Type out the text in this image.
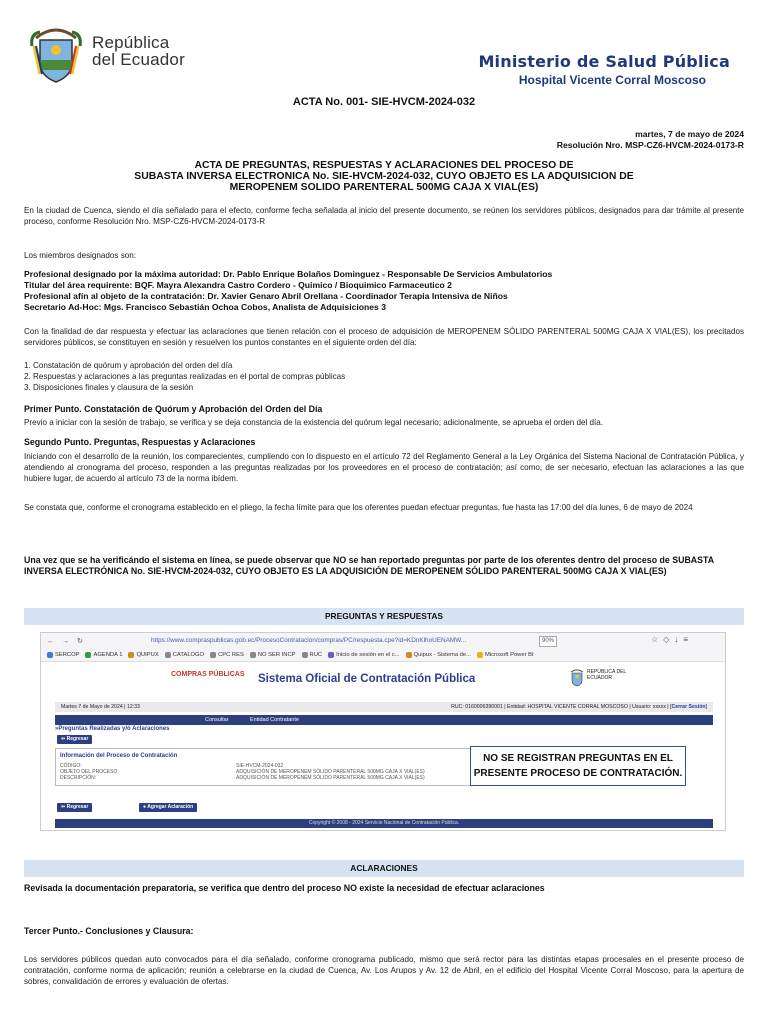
República
del Ecuador	Ministerio de Salud Pública
Hospital Vicente Corral Moscoso
ACTA No. 001- SIE-HVCM-2024-032
martes, 7 de mayo de 2024
Resolución Nro. MSP-CZ6-HVCM-2024-0173-R
ACTA DE PREGUNTAS, RESPUESTAS Y ACLARACIONES DEL PROCESO DE
SUBASTA INVERSA ELECTRONICA No. SIE-HVCM-2024-032, CUYO OBJETO ES LA ADQUISICION DE
MEROPENEM SOLIDO PARENTERAL 500MG CAJA X VIAL(ES)
En la ciudad de Cuenca, siendo el día señalado para el efecto, conforme fecha señalada al inicio del presente documento, se reúnen los servidores públicos, designados para dar trámite al presente proceso, conforme Resolución Nro. MSP-CZ6-HVCM-2024-0173-R
Los miembros designados son:
Profesional designado por la máxima autoridad: Dr. Pablo Enrique Bolaños Dominguez - Responsable De Servicios Ambulatorios
Titular del área requirente: BQF. Mayra Alexandra Castro Cordero - Quimico / Bioquimico Farmaceutico 2
Profesional afín al objeto de la contratación: Dr. Xavier Genaro Abril Orellana - Coordinador Terapia Intensiva de Niños
Secretario Ad-Hoc: Mgs. Francisco Sebastián Ochoa Cobos, Analista de Adquisiciones 3
Con la finalidad de dar respuesta y efectuar las aclaraciones que tienen relación con el proceso de adquisición de MEROPENEM SÓLIDO PARENTERAL 500MG CAJA X VIAL(ES), los precitados servidores públicos, se constituyen en sesión y resuelven los puntos constantes en el siguiente orden del día:
1. Constatación de quórum y aprobación del orden del día
2. Respuestas y aclaraciones a las preguntas realizadas en el portal de compras públicas
3. Disposiciones finales y clausura de la sesión
Primer Punto. Constatación de Quórum y Aprobación del Orden del Día
Previo a iniciar con la sesión de trabajo, se verifica y se deja constancia de la existencia del quórum legal necesario; adicionalmente, se aprueba el orden del día.
Segundo Punto. Preguntas, Respuestas y Aclaraciones
Iniciando con el desarrollo de la reunión, los comparecientes, cumpliendo con lo dispuesto en el artículo 72 del Reglamento General a la Ley Orgánica del Sistema Nacional de Contratación Pública, y atendiendo al cronograma del proceso, responden a las preguntas realizadas por los proveedores en el proceso de contratación; así como, de ser necesario, efectuan las aclaraciones a las que hubiere lugar, de acuerdo al artículo 73 de la norma ibídem.
Se constata que, conforme el cronograma establecido en el pliego, la fecha límite para que los oferentes puedan efectuar preguntas, fue hasta las 17:00 del día lunes, 6 de mayo de 2024
Una vez que se ha verificándo el sistema en línea, se puede observar que NO se han reportado preguntas por parte de los oferentes dentro del proceso de SUBASTA INVERSA ELECTRÓNICA No. SIE-HVCM-2024-032, CUYO OBJETO ES LA ADQUISICIÓN DE MEROPENEM SÓLIDO PARENTERAL 500MG CAJA X VIAL(ES)
PREGUNTAS Y RESPUESTAS
← → ↻	https://www.compraspublicas.gob.ec/ProcesoContratacion/compras/PC/respuesta.cpe?id=KDnKlhoUENAMW...	90%	☆◇↓≡
SERCOP AGENDA 1 QUIPUX CATALOGO CPC RES NO SER INCP RUC Inicio de sesión en el c... Quipux - Sistema de... Microsoft Power BI
COMPRAS PÚBLICAS Sistema Oficial de Contratación Pública
REPÚBLICA DEL ECUADOR
Martes 7 de Mayo de 2024 | 12:33	RUC: 0160006390001 | Entidad: HOSPITAL VICENTE CORRAL MOSCOSO | Usuario: xxxxx | [Cerrar Sesión]
Consultar	Entidad Contratante
»Preguntas Realizadas y/ó Aclaraciones
⇦ Regresar
Información del Proceso de Contratación
CÓDIGO:	SIE-HVCM-2024-032
OBJETO DEL PROCESO:	ADQUISICIÓN DE MEROPENEM SÓLIDO PARENTERAL 500MG CAJA X VIAL(ES)
DESCRIPCIÓN:	ADQUISICIÓN DE MEROPENEM SÓLIDO PARENTERAL 500MG CAJA X VIAL(ES)
⇦ Regresar	● Agregar Aclaración
Copyright © 2008 - 2024 Servicio Nacional de Contratación Pública.
NO SE REGISTRAN PREGUNTAS EN EL
PRESENTE PROCESO DE CONTRATACIÓN.
ACLARACIONES
Revisada la documentación preparatoria, se verifica que dentro del proceso NO existe la necesidad de efectuar aclaraciones
Tercer Punto.- Conclusiones y Clausura:
Los servidores públicos quedan auto convocados para el día señalado, conforme cronograma publicado, mismo que será rector para las distintas etapas procesales en el presente proceso de contratación, conforme norma de aplicación; reunión a celebrarse en la ciudad de Cuenca, Av. Los Arupos y Av. 12 de Abril, en el edificio del Hospital Vicente Corral Moscoso, para la apertura de sobres, convalidación de errores y evaluación de ofertas.
